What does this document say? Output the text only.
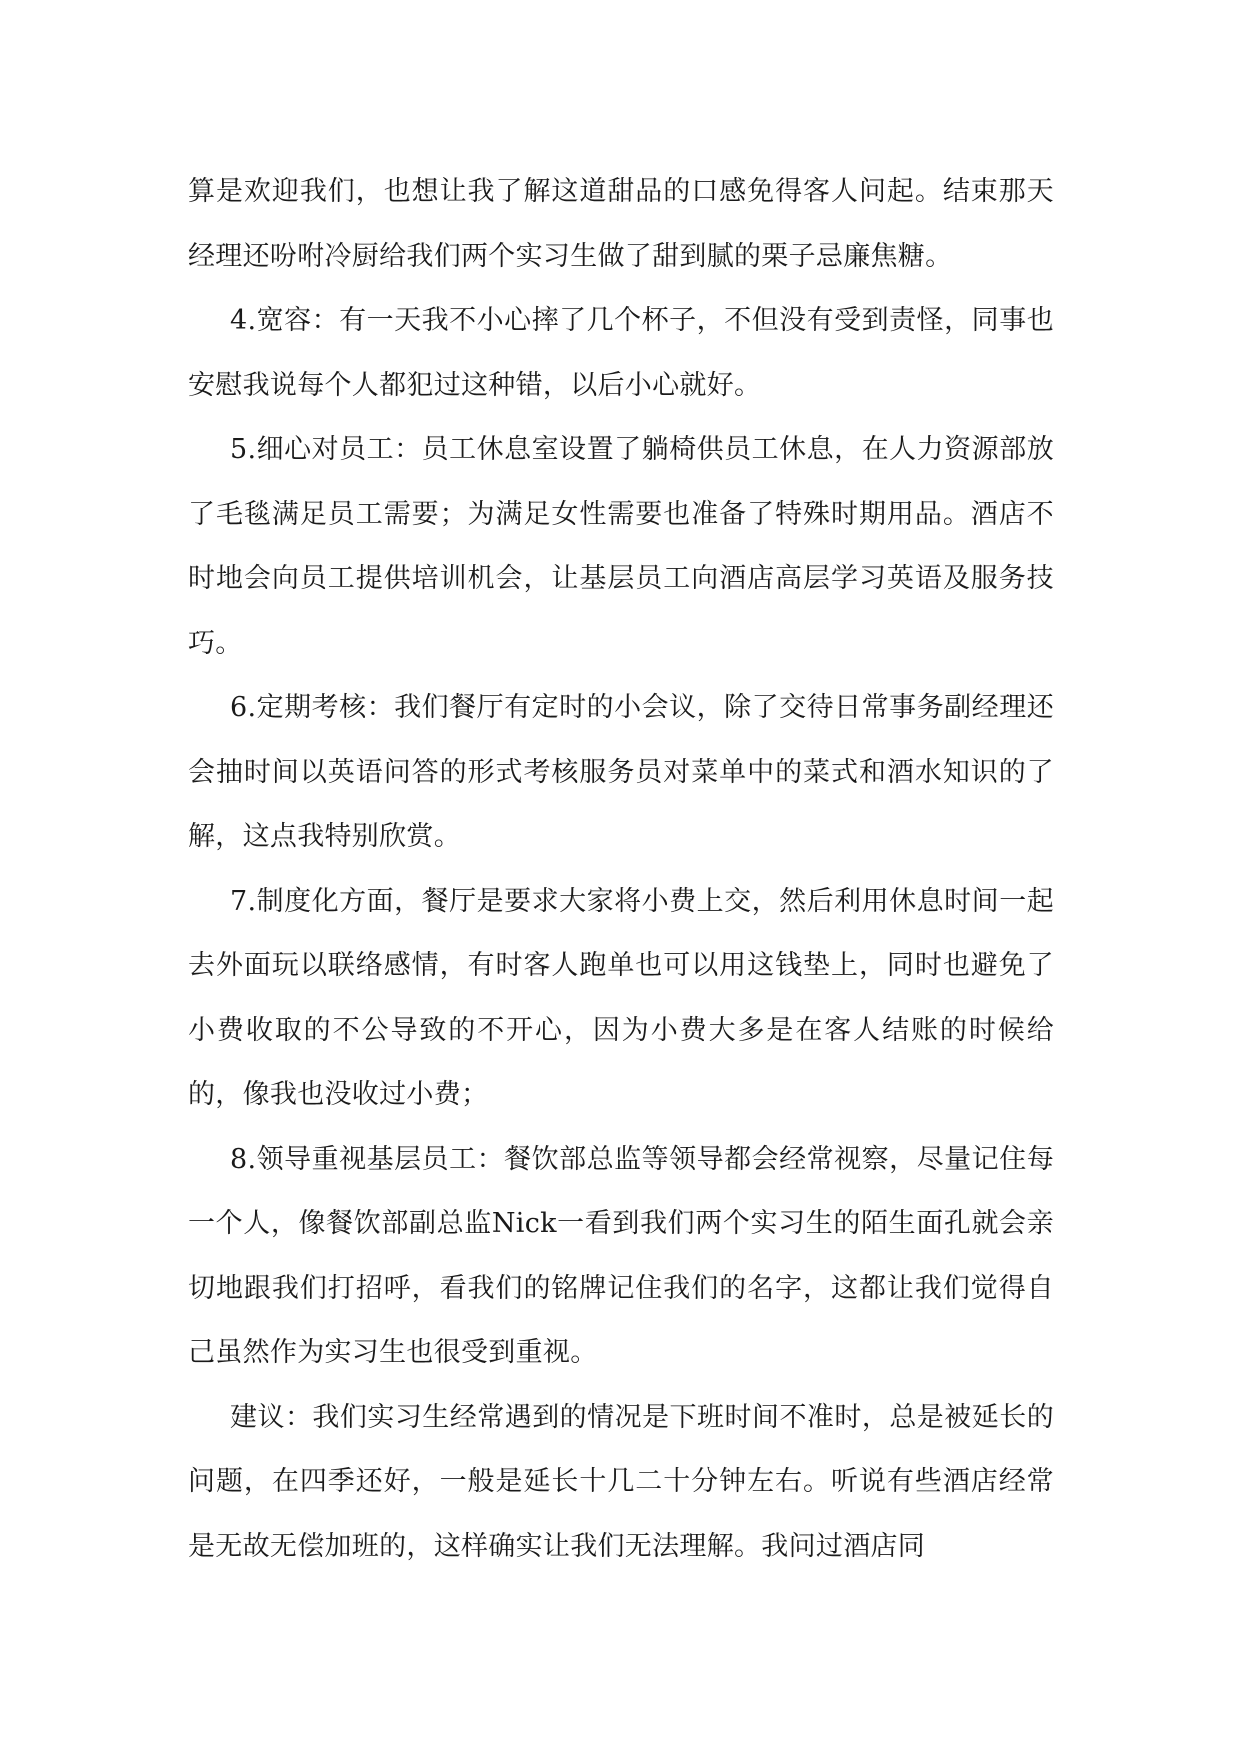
算是欢迎我们，也想让我了解这道甜品的口感免得客人问起。结束那天经理还吩咐冷厨给我们两个实习生做了甜到腻的栗子忌廉焦糖。

4.宽容：有一天我不小心摔了几个杯子，不但没有受到责怪，同事也安慰我说每个人都犯过这种错，以后小心就好。

5.细心对员工：员工休息室设置了躺椅供员工休息，在人力资源部放了毛毯满足员工需要；为满足女性需要也准备了特殊时期用品。酒店不时地会向员工提供培训机会，让基层员工向酒店高层学习英语及服务技巧。

6.定期考核：我们餐厅有定时的小会议，除了交待日常事务副经理还会抽时间以英语问答的形式考核服务员对菜单中的菜式和酒水知识的了解，这点我特别欣赏。

7.制度化方面，餐厅是要求大家将小费上交，然后利用休息时间一起去外面玩以联络感情，有时客人跑单也可以用这钱垫上，同时也避免了小费收取的不公导致的不开心，因为小费大多是在客人结账的时候给的，像我也没收过小费；

8.领导重视基层员工：餐饮部总监等领导都会经常视察，尽量记住每一个人，像餐饮部副总监Nick一看到我们两个实习生的陌生面孔就会亲切地跟我们打招呼，看我们的铭牌记住我们的名字，这都让我们觉得自己虽然作为实习生也很受到重视。

建议：我们实习生经常遇到的情况是下班时间不准时，总是被延长的问题，在四季还好，一般是延长十几二十分钟左右。听说有些酒店经常是无故无偿加班的，这样确实让我们无法理解。我问过酒店同
